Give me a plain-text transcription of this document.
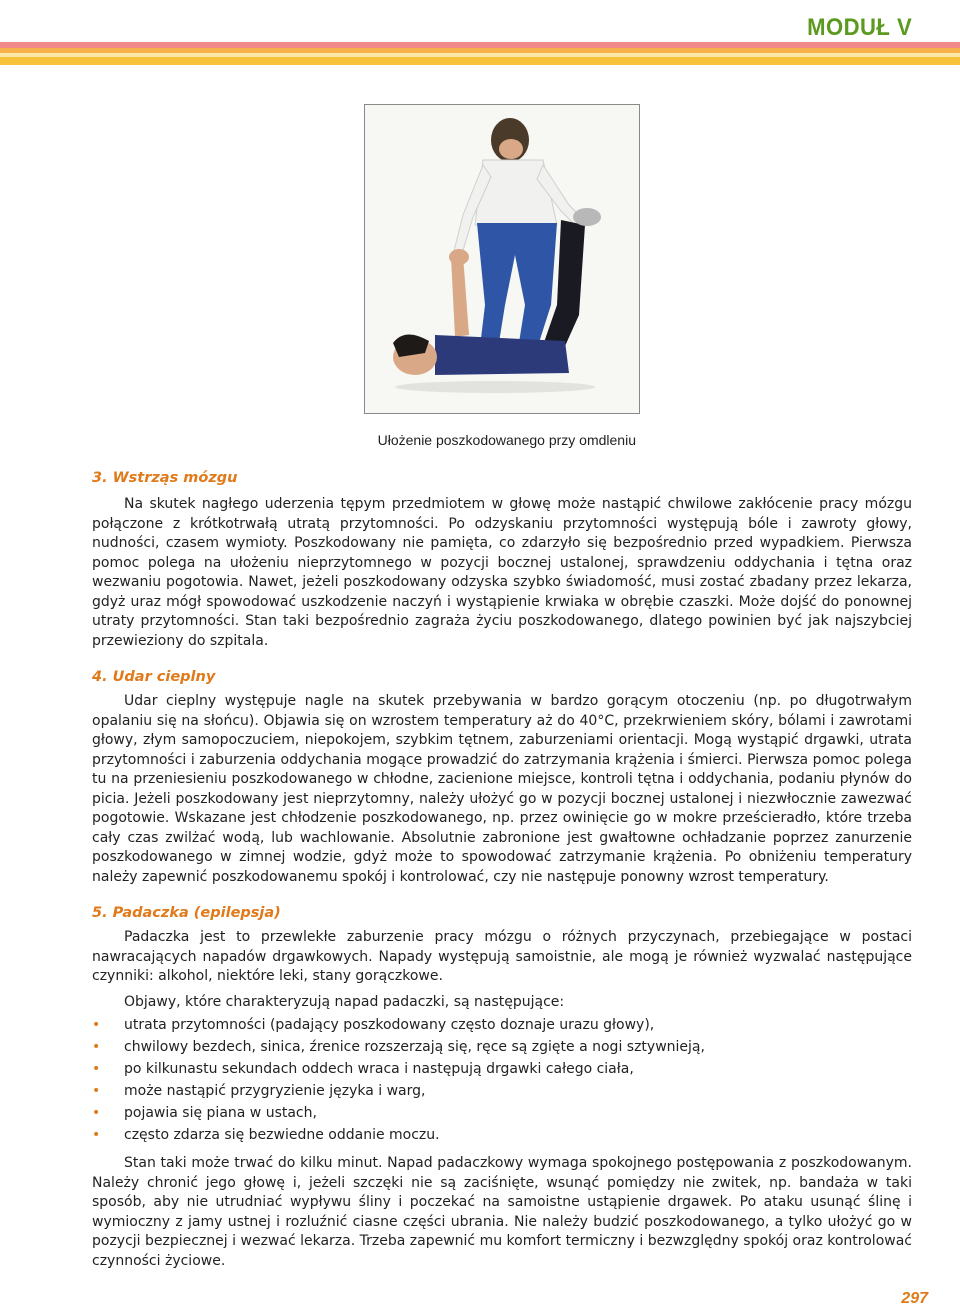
MODUŁ V
Ułożenie poszkodowanego przy omdleniu
3. Wstrząs mózgu

Na skutek nagłego uderzenia tępym przedmiotem w głowę może nastąpić chwilowe zakłócenie pracy mózgu połączone z krótkotrwałą utratą przytomności. Po odzyskaniu przytomności występują bóle i zawroty głowy, nudności, czasem wymioty. Poszkodowany nie pamięta, co zdarzyło się bezpośrednio przed wypadkiem. Pierwsza pomoc polega na ułożeniu nieprzytomnego w pozycji bocznej ustalonej, sprawdzeniu oddychania i tętna oraz wezwaniu pogotowia. Nawet, jeżeli poszkodowany odzyska szybko świadomość, musi zostać zbadany przez lekarza, gdyż uraz mógł spowodować uszkodzenie naczyń i wystąpienie krwiaka w obrębie czaszki. Może dojść do ponownej utraty przytomności. Stan taki bezpośrednio zagraża życiu poszkodowanego, dlatego powinien być jak najszybciej przewieziony do szpitala.

4. Udar cieplny

Udar cieplny występuje nagle na skutek przebywania w bardzo gorącym otoczeniu (np. po długotrwałym opalaniu się na słońcu). Objawia się on wzrostem temperatury aż do 40°C, przekrwieniem skóry, bólami i zawrotami głowy, złym samopoczuciem, niepokojem, szybkim tętnem, zaburzeniami orientacji. Mogą wystąpić drgawki, utrata przytomności i zaburzenia oddychania mogące prowadzić do zatrzymania krążenia i śmierci. Pierwsza pomoc polega tu na przeniesieniu poszkodowanego w chłodne, zacienione miejsce, kontroli tętna i oddychania, podaniu płynów do picia. Jeżeli poszkodowany jest nieprzytomny, należy ułożyć go w pozycji bocznej ustalonej i niezwłocznie zawezwać pogotowie. Wskazane jest chłodzenie poszkodowanego, np. przez owinięcie go w mokre prześcieradło, które trzeba cały czas zwilżać wodą, lub wachlowanie. Absolutnie zabronione jest gwałtowne ochładzanie poprzez zanurzenie poszkodowanego w zimnej wodzie, gdyż może to spowodować zatrzymanie krążenia. Po obniżeniu temperatury należy zapewnić poszkodowanemu spokój i kontrolować, czy nie następuje ponowny wzrost temperatury.

5. Padaczka (epilepsja)

Padaczka jest to przewlekłe zaburzenie pracy mózgu o różnych przyczynach, przebiegające w postaci nawracających napadów drgawkowych. Napady występują samoistnie, ale mogą je również wyzwalać następujące czynniki: alkohol, niektóre leki, stany gorączkowe.

Objawy, które charakteryzują napad padaczki, są następujące:

• utrata przytomności (padający poszkodowany często doznaje urazu głowy),
• chwilowy bezdech, sinica, źrenice rozszerzają się, ręce są zgięte a nogi sztywnieją,
• po kilkunastu sekundach oddech wraca i następują drgawki całego ciała,
• może nastąpić przygryzienie języka i warg,
• pojawia się piana w ustach,
• często zdarza się bezwiedne oddanie moczu.

Stan taki może trwać do kilku minut. Napad padaczkowy wymaga spokojnego postępowania z poszkodowanym. Należy chronić jego głowę i, jeżeli szczęki nie są zaciśnięte, wsunąć pomiędzy nie zwitek, np. bandaża w taki sposób, aby nie utrudniać wypływu śliny i poczekać na samoistne ustąpienie drgawek. Po ataku usunąć ślinę i wymioczny z jamy ustnej i rozluźnić ciasne części ubrania. Nie należy budzić poszkodowanego, a tylko ułożyć go w pozycji bezpiecznej i wezwać lekarza. Trzeba zapewnić mu komfort termiczny i bezwzględny spokój oraz kontrolować czynności życiowe.

297
